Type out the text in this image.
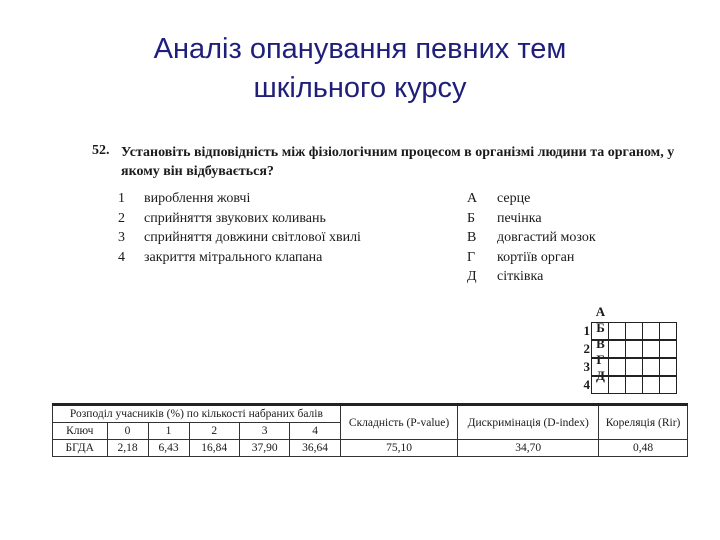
Аналіз опанування певних тем
шкільного курсу
52. Установіть відповідність між фізіологічним процесом в організмі людини та органом, у якому він відбувається?
1 вироблення жовчі
2 сприйняття звукових коливань
3 сприйняття довжини світлової хвилі
4 закриття мітрального клапана
А серце
Б печінка
В довгастий мозок
Г кортіїв орган
Д сітківка
АБВГД
1
2
3
4
Розподіл учасників (%) по кількості набраних балів						Складність (P-value)	Дискримінація (D-index)	Кореляція (Rir)
Ключ	0	1	2	3	4			
БГДА	2,18	6,43	16,84	37,90	36,64	75,10	34,70	0,48
